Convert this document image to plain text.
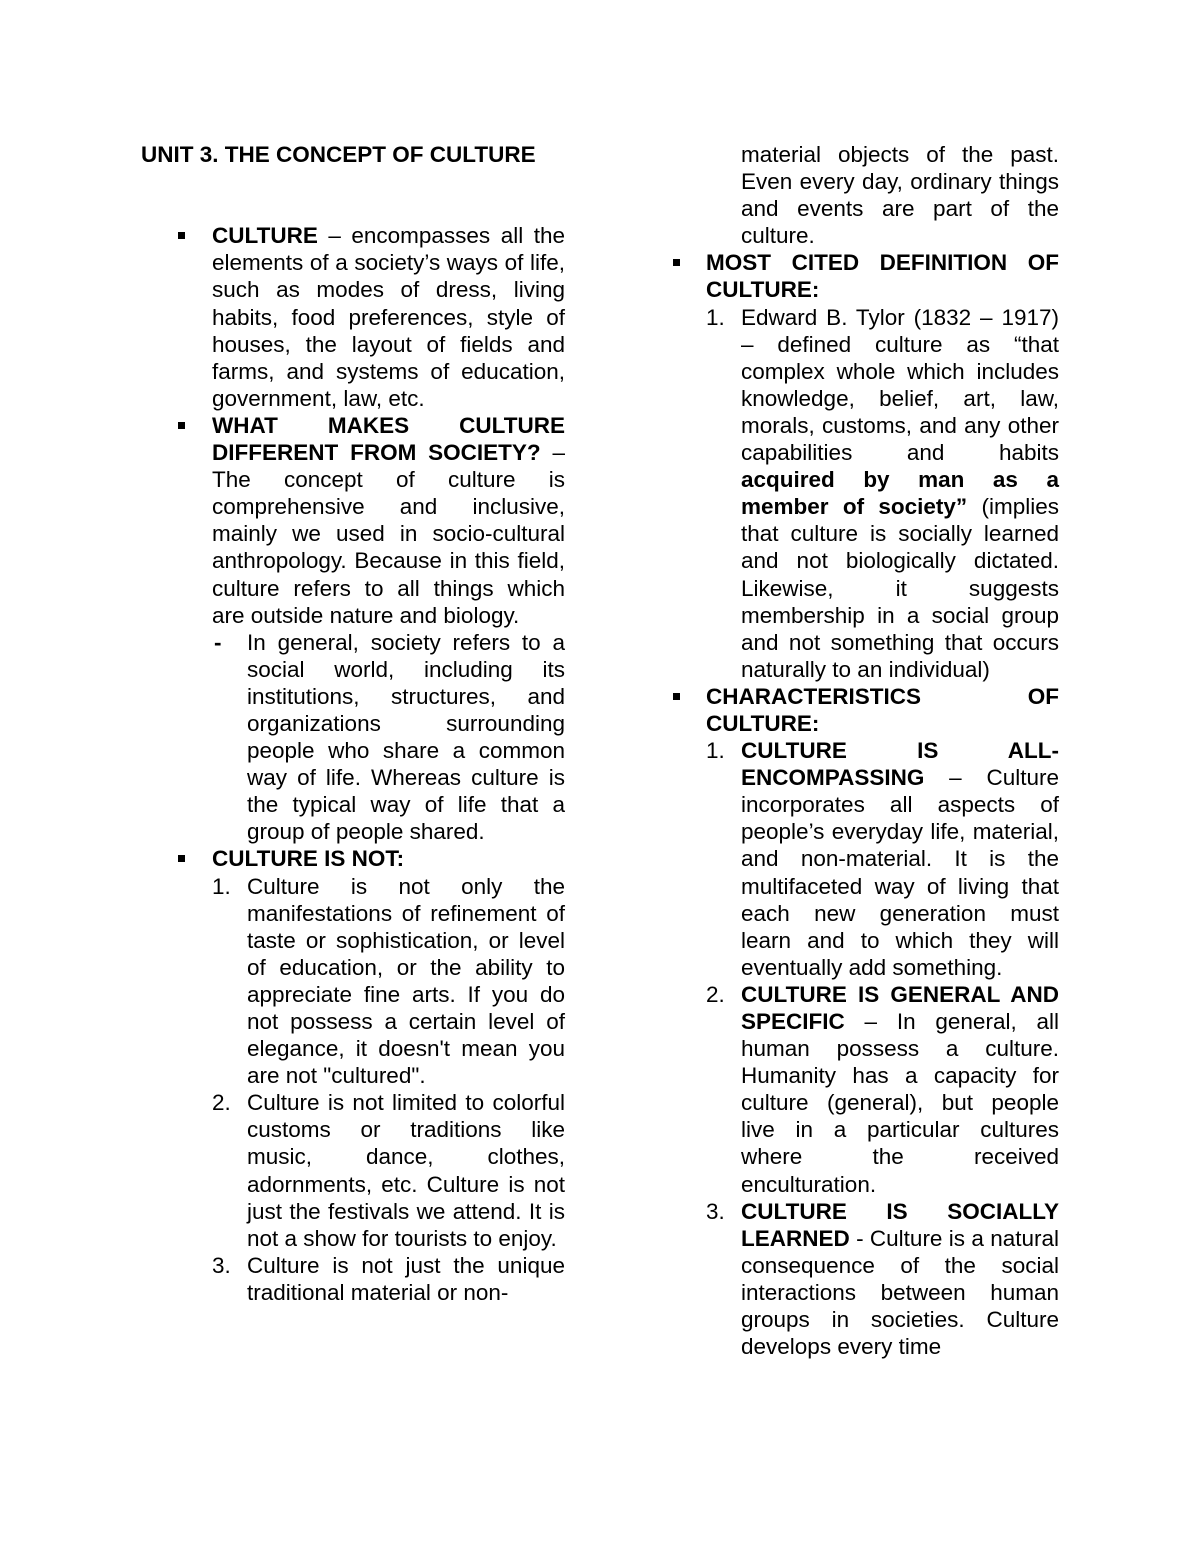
UNIT 3. THE CONCEPT OF CULTURE

CULTURE – encompasses all the elements of a society’s ways of life, such as modes of dress, living habits, food preferences, style of houses, the layout of fields and farms, and systems of education, government, law, etc.
WHAT MAKES CULTURE DIFFERENT FROM SOCIETY? – The concept of culture is comprehensive and inclusive, mainly we used in socio-cultural anthropology. Because in this field, culture refers to all things which are outside nature and biology.
- In general, society refers to a social world, including its institutions, structures, and organizations surrounding people who share a common way of life. Whereas culture is the typical way of life that a group of people shared.
CULTURE IS NOT:
1. Culture is not only the manifestations of refinement of taste or sophistication, or level of education, or the ability to appreciate fine arts. If you do not possess a certain level of elegance, it doesn't mean you are not "cultured".
2. Culture is not limited to colorful customs or traditions like music, dance, clothes, adornments, etc. Culture is not just the festivals we attend. It is not a show for tourists to enjoy.
3. Culture is not just the unique traditional material or non-
material objects of the past. Even every day, ordinary things and events are part of the culture.
MOST CITED DEFINITION OF CULTURE:
1. Edward B. Tylor (1832 – 1917) – defined culture as “that complex whole which includes knowledge, belief, art, law, morals, customs, and any other capabilities and habits acquired by man as a member of society” (implies that culture is socially learned and not biologically dictated. Likewise, it suggests membership in a social group and not something that occurs naturally to an individual)
CHARACTERISTICS OF CULTURE:
1. CULTURE IS ALL-ENCOMPASSING – Culture incorporates all aspects of people’s everyday life, material, and non-material. It is the multifaceted way of living that each new generation must learn and to which they will eventually add something.
2. CULTURE IS GENERAL AND SPECIFIC – In general, all human possess a culture. Humanity has a capacity for culture (general), but people live in a particular cultures where the received enculturation.
3. CULTURE IS SOCIALLY LEARNED - Culture is a natural consequence of the social interactions between human groups in societies. Culture develops every time
